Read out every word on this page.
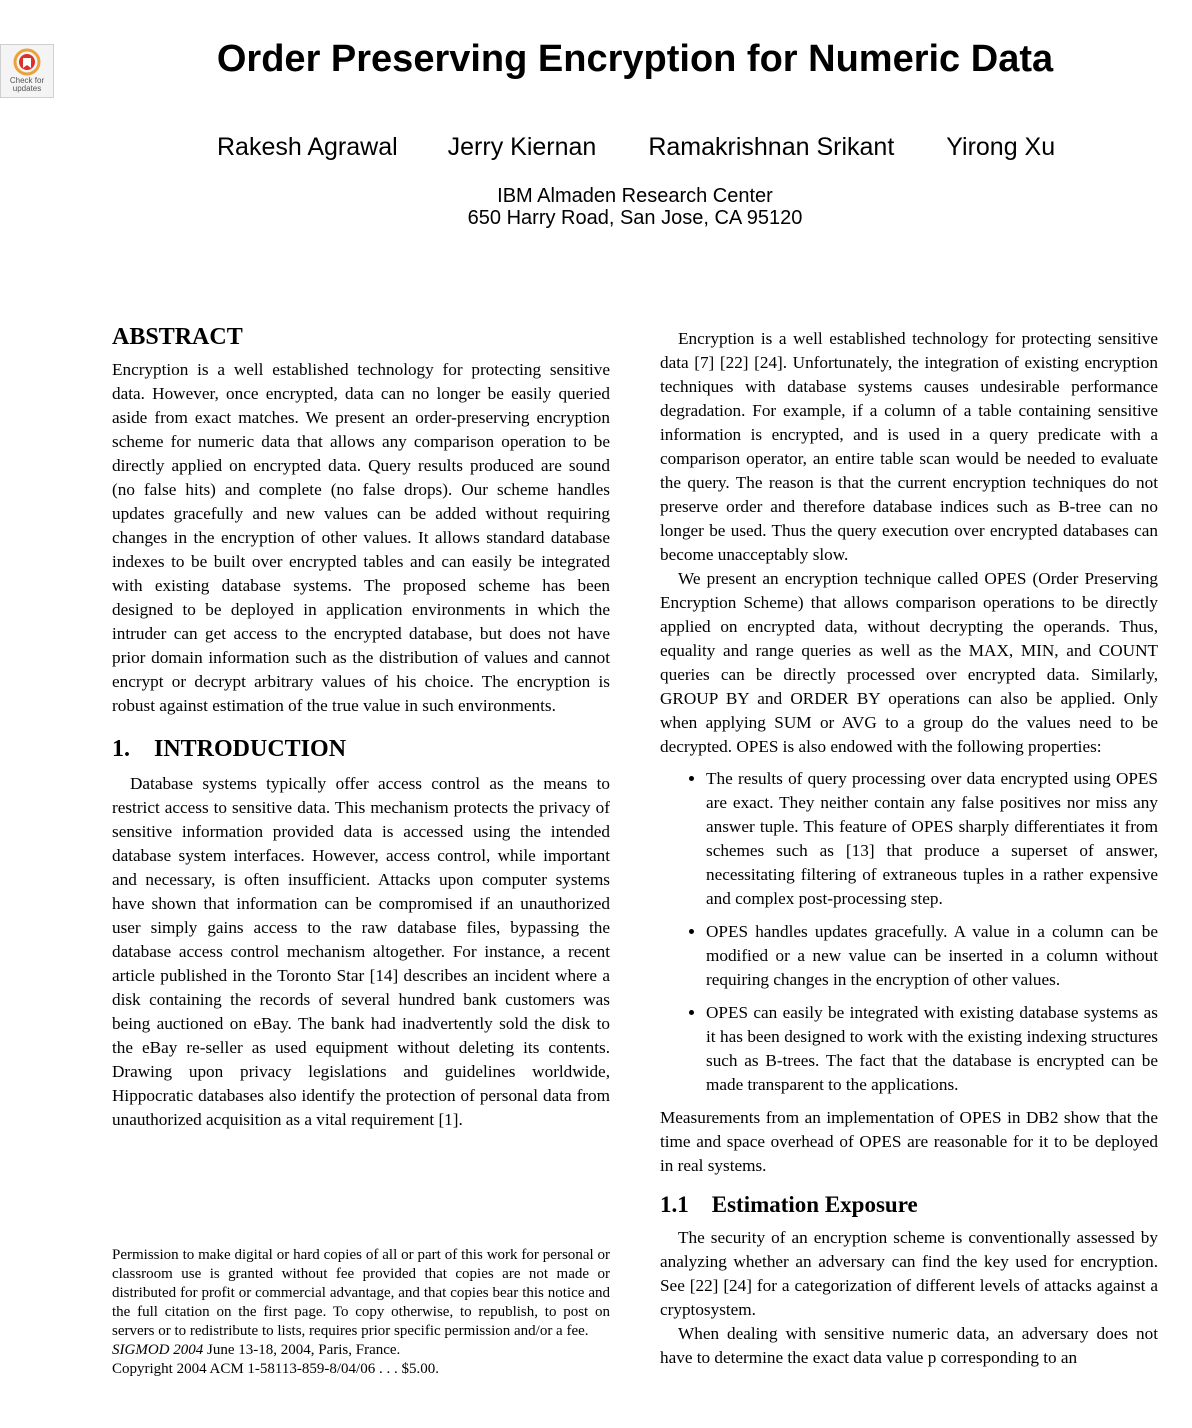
Check for updates
Order Preserving Encryption for Numeric Data
Rakesh Agrawal Jerry Kiernan Ramakrishnan Srikant Yirong Xu
IBM Almaden Research Center
650 Harry Road, San Jose, CA 95120
ABSTRACT

Encryption is a well established technology for protecting sensitive data. However, once encrypted, data can no longer be easily queried aside from exact matches. We present an order-preserving encryption scheme for numeric data that allows any comparison operation to be directly applied on encrypted data. Query results produced are sound (no false hits) and complete (no false drops). Our scheme handles updates gracefully and new values can be added without requiring changes in the encryption of other values. It allows standard database indexes to be built over encrypted tables and can easily be integrated with existing database systems. The proposed scheme has been designed to be deployed in application environments in which the intruder can get access to the encrypted database, but does not have prior domain information such as the distribution of values and cannot encrypt or decrypt arbitrary values of his choice. The encryption is robust against estimation of the true value in such environments.

1.    INTRODUCTION

Database systems typically offer access control as the means to restrict access to sensitive data. This mechanism protects the privacy of sensitive information provided data is accessed using the intended database system interfaces. However, access control, while important and necessary, is often insufficient. Attacks upon computer systems have shown that information can be compromised if an unauthorized user simply gains access to the raw database files, bypassing the database access control mechanism altogether. For instance, a recent article published in the Toronto Star [14] describes an incident where a disk containing the records of several hundred bank customers was being auctioned on eBay. The bank had inadvertently sold the disk to the eBay re-seller as used equipment without deleting its contents. Drawing upon privacy legislations and guidelines worldwide, Hippocratic databases also identify the protection of personal data from unauthorized acquisition as a vital requirement [1].

Encryption is a well established technology for protecting sensitive data [7] [22] [24]. Unfortunately, the integration of existing encryption techniques with database systems causes undesirable performance degradation. For example, if a column of a table containing sensitive information is encrypted, and is used in a query predicate with a comparison operator, an entire table scan would be needed to evaluate the query. The reason is that the current encryption techniques do not preserve order and therefore database indices such as B-tree can no longer be used. Thus the query execution over encrypted databases can become unacceptably slow.

We present an encryption technique called OPES (Order Preserving Encryption Scheme) that allows comparison operations to be directly applied on encrypted data, without decrypting the operands. Thus, equality and range queries as well as the MAX, MIN, and COUNT queries can be directly processed over encrypted data. Similarly, GROUP BY and ORDER BY operations can also be applied. Only when applying SUM or AVG to a group do the values need to be decrypted. OPES is also endowed with the following properties:

• The results of query processing over data encrypted using OPES are exact. They neither contain any false positives nor miss any answer tuple. This feature of OPES sharply differentiates it from schemes such as [13] that produce a superset of answer, necessitating filtering of extraneous tuples in a rather expensive and complex post-processing step.
• OPES handles updates gracefully. A value in a column can be modified or a new value can be inserted in a column without requiring changes in the encryption of other values.
• OPES can easily be integrated with existing database systems as it has been designed to work with the existing indexing structures such as B-trees. The fact that the database is encrypted can be made transparent to the applications.

Measurements from an implementation of OPES in DB2 show that the time and space overhead of OPES are reasonable for it to be deployed in real systems.

1.1    Estimation Exposure

The security of an encryption scheme is conventionally assessed by analyzing whether an adversary can find the key used for encryption. See [22] [24] for a categorization of different levels of attacks against a cryptosystem.

When dealing with sensitive numeric data, an adversary does not have to determine the exact data value p corresponding to an

Permission to make digital or hard copies of all or part of this work for personal or classroom use is granted without fee provided that copies are not made or distributed for profit or commercial advantage, and that copies bear this notice and the full citation on the first page. To copy otherwise, to republish, to post on servers or to redistribute to lists, requires prior specific permission and/or a fee.
SIGMOD 2004 June 13-18, 2004, Paris, France.
Copyright 2004 ACM 1-58113-859-8/04/06 . . . $5.00.
